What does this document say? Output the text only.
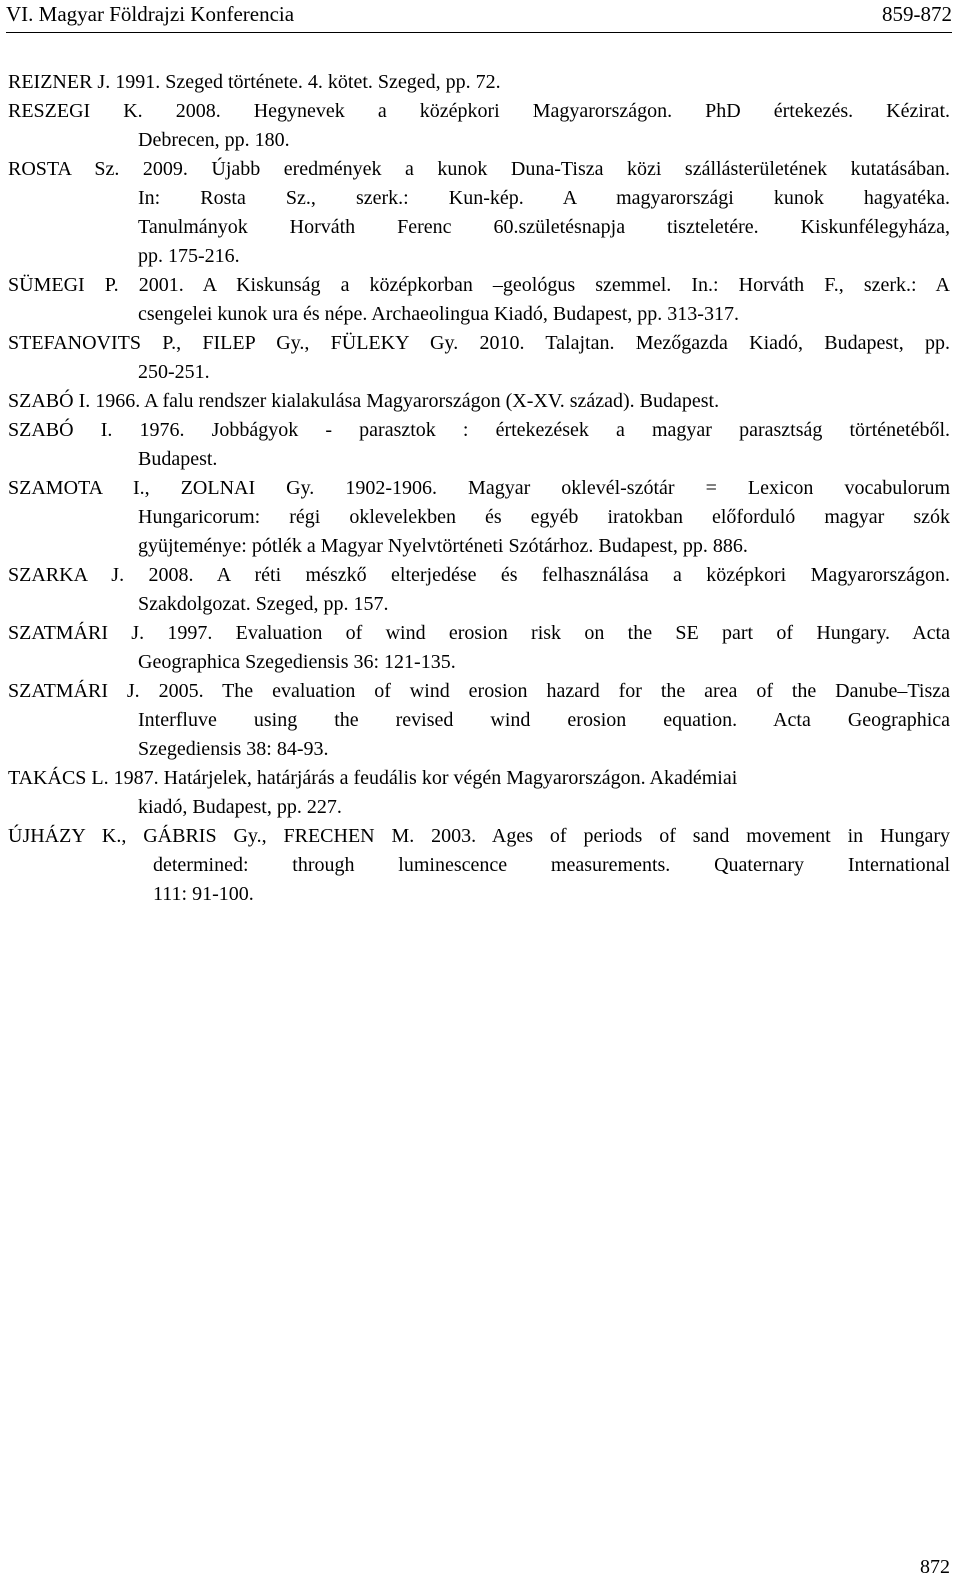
VI. Magyar Földrajzi Konferencia	859-872
REIZNER J. 1991. Szeged története. 4. kötet. Szeged, pp. 72.
RESZEGI K. 2008. Hegynevek a középkori Magyarországon. PhD értekezés. Kézirat.
Debrecen, pp. 180.
ROSTA Sz. 2009. Újabb eredmények a kunok Duna-Tisza közi szállásterületének kutatásában.
In: Rosta Sz., szerk.: Kun-kép. A magyarországi kunok hagyatéka.
Tanulmányok Horváth Ferenc 60.születésnapja tiszteletére. Kiskunfélegyháza,
pp. 175-216.
SÜMEGI P. 2001. A Kiskunság a középkorban –geológus szemmel. In.: Horváth F., szerk.: A
csengelei kunok ura és népe. Archaeolingua Kiadó, Budapest, pp. 313-317.
STEFANOVITS P., FILEP Gy., FÜLEKY Gy. 2010. Talajtan. Mezőgazda Kiadó, Budapest, pp.
250-251.
SZABÓ I. 1966. A falu rendszer kialakulása Magyarországon (X-XV. század). Budapest.
SZABÓ I. 1976. Jobbágyok - parasztok : értekezések a magyar parasztság történetéből.
Budapest.
SZAMOTA I., ZOLNAI Gy. 1902-1906. Magyar oklevél-szótár = Lexicon vocabulorum
Hungaricorum: régi oklevelekben és egyéb iratokban előforduló magyar szók
gyüjteménye: pótlék a Magyar Nyelvtörténeti Szótárhoz. Budapest, pp. 886.
SZARKA J. 2008. A réti mészkő elterjedése és felhasználása a középkori Magyarországon.
Szakdolgozat. Szeged, pp. 157.
SZATMÁRI J. 1997. Evaluation of wind erosion risk on the SE part of Hungary. Acta
Geographica Szegediensis 36: 121-135.
SZATMÁRI J. 2005. The evaluation of wind erosion hazard for the area of the Danube–Tisza
Interfluve using the revised wind erosion equation. Acta Geographica
Szegediensis 38: 84-93.
TAKÁCS L. 1987. Határjelek, határjárás a feudális kor végén Magyarországon. Akadémiai
kiadó, Budapest, pp. 227.
ÚJHÁZY K., GÁBRIS Gy., FRECHEN M. 2003. Ages of periods of sand movement in Hungary
determined: through luminescence measurements. Quaternary International
111: 91-100.
872
